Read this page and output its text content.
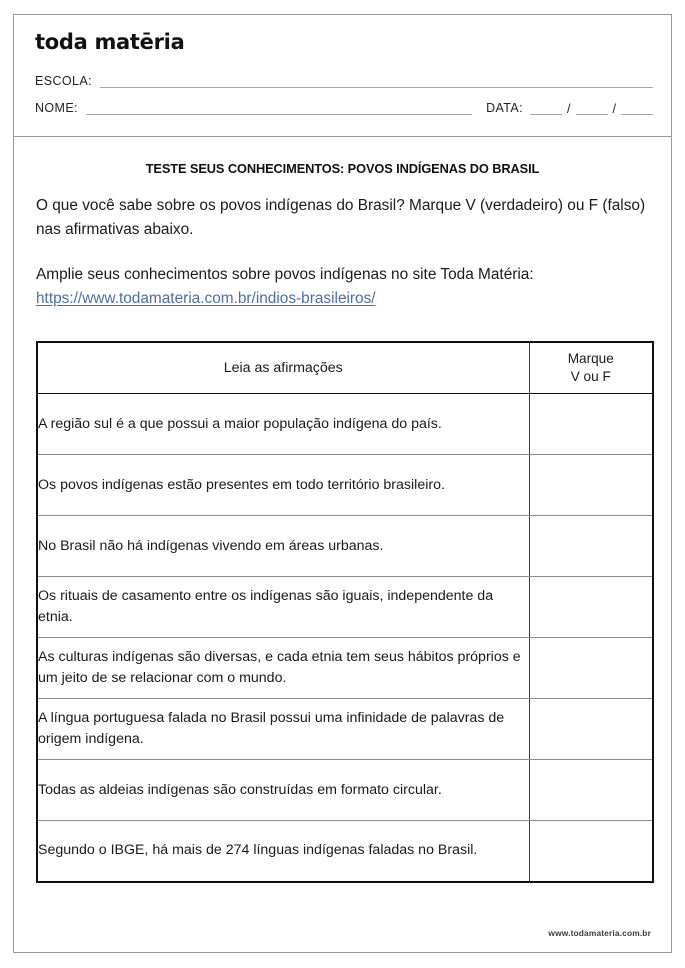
toda matēria
ESCOLA:
NOME:	DATA:	/	/
TESTE SEUS CONHECIMENTOS: POVOS INDÍGENAS DO BRASIL

O que você sabe sobre os povos indígenas do Brasil? Marque V (verdadeiro) ou F (falso) nas afirmativas abaixo.

Amplie seus conhecimentos sobre povos indígenas no site Toda Matéria: https://www.todamateria.com.br/indios-brasileiros/

Leia as afirmações	Marque
V ou F

A região sul é a que possui a maior população indígena do país.	
Os povos indígenas estão presentes em todo território brasileiro.	
No Brasil não há indígenas vivendo em áreas urbanas.	
Os rituais de casamento entre os indígenas são iguais, independente da etnia.	
As culturas indígenas são diversas, e cada etnia tem seus hábitos próprios e um jeito de se relacionar com o mundo.	
A língua portuguesa falada no Brasil possui uma infinidade de palavras de origem indígena.	
Todas as aldeias indígenas são construídas em formato circular.	
Segundo o IBGE, há mais de 274 línguas indígenas faladas no Brasil.	
www.todamateria.com.br
